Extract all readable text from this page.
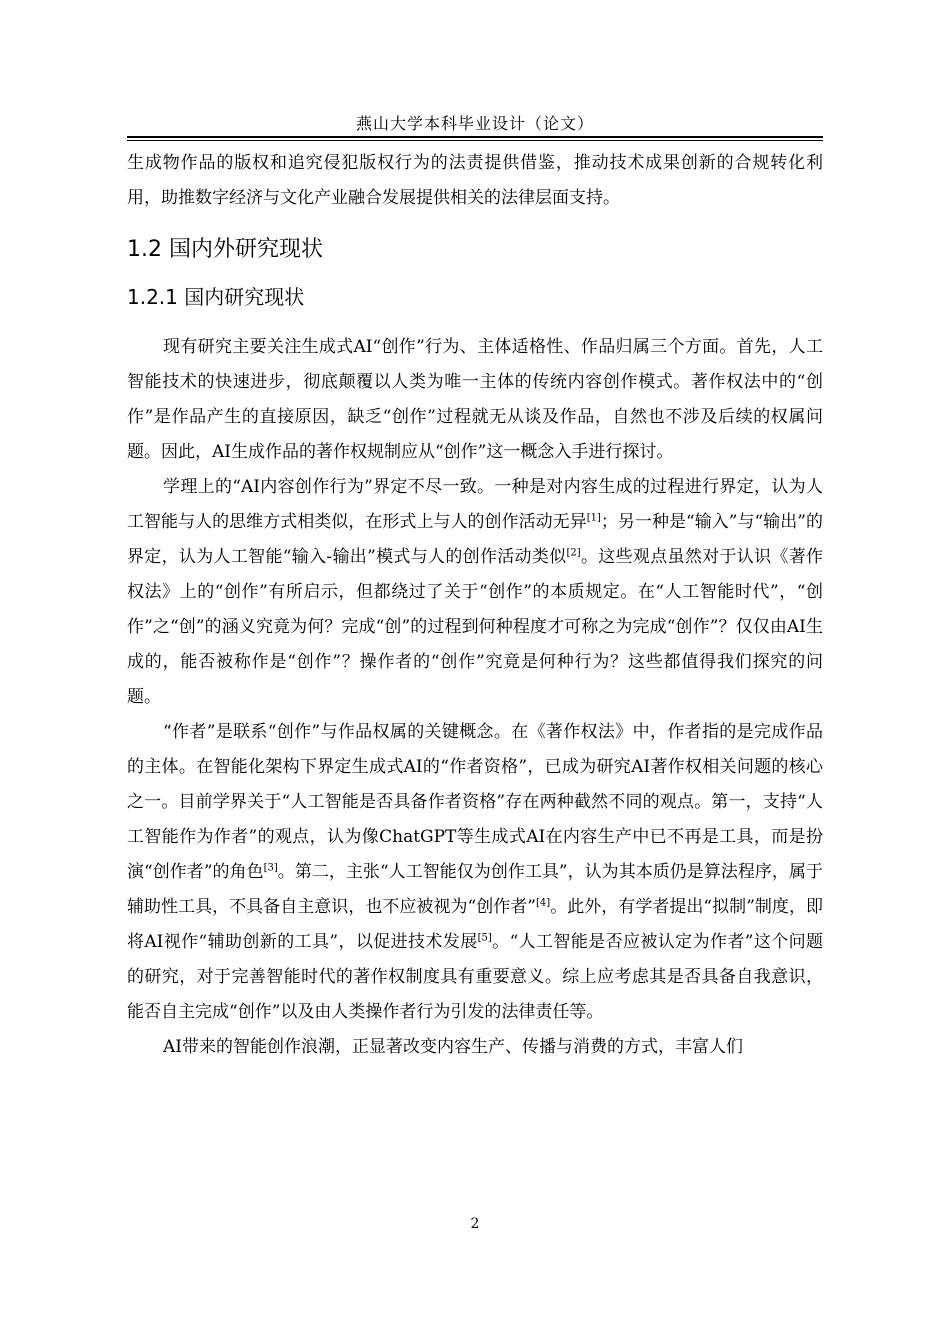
燕山大学本科毕业设计（论文）

生成物作品的版权和追究侵犯版权行为的法责提供借鉴，推动技术成果创新的合规转化利用，助推数字经济与文化产业融合发展提供相关的法律层面支持。

1.2 国内外研究现状
1.2.1 国内研究现状

现有研究主要关注生成式AI“创作”行为、主体适格性、作品归属三个方面。首先，人工智能技术的快速进步，彻底颠覆以人类为唯一主体的传统内容创作模式。著作权法中的“创作”是作品产生的直接原因，缺乏“创作”过程就无从谈及作品，自然也不涉及后续的权属问题。因此，AI生成作品的著作权规制应从“创作”这一概念入手进行探讨。

学理上的“AI内容创作行为”界定不尽一致。一种是对内容生成的过程进行界定，认为人工智能与人的思维方式相类似，在形式上与人的创作活动无异[1]；另一种是“输入”与“输出”的界定，认为人工智能“输入-输出”模式与人的创作活动类似[2]。这些观点虽然对于认识《著作权法》上的“创作”有所启示，但都绕过了关于“创作”的本质规定。在“人工智能时代”，“创作”之“创”的涵义究竟为何？完成“创”的过程到何种程度才可称之为完成“创作”？仅仅由AI生成的，能否被称作是“创作”？操作者的“创作”究竟是何种行为？这些都值得我们探究的问题。

“作者”是联系“创作”与作品权属的关键概念。在《著作权法》中，作者指的是完成作品的主体。在智能化架构下界定生成式AI的“作者资格”，已成为研究AI著作权相关问题的核心之一。目前学界关于“人工智能是否具备作者资格”存在两种截然不同的观点。第一，支持“人工智能作为作者”的观点，认为像ChatGPT等生成式AI在内容生产中已不再是工具，而是扮演“创作者”的角色[3]。第二，主张“人工智能仅为创作工具”，认为其本质仍是算法程序，属于辅助性工具，不具备自主意识，也不应被视为“创作者”[4]。此外，有学者提出“拟制”制度，即将AI视作“辅助创新的工具”，以促进技术发展[5]。“人工智能是否应被认定为作者”这个问题的研究，对于完善智能时代的著作权制度具有重要意义。综上应考虑其是否具备自我意识，能否自主完成“创作”以及由人类操作者行为引发的法律责任等。

AI带来的智能创作浪潮，正显著改变内容生产、传播与消费的方式，丰富人们

2
